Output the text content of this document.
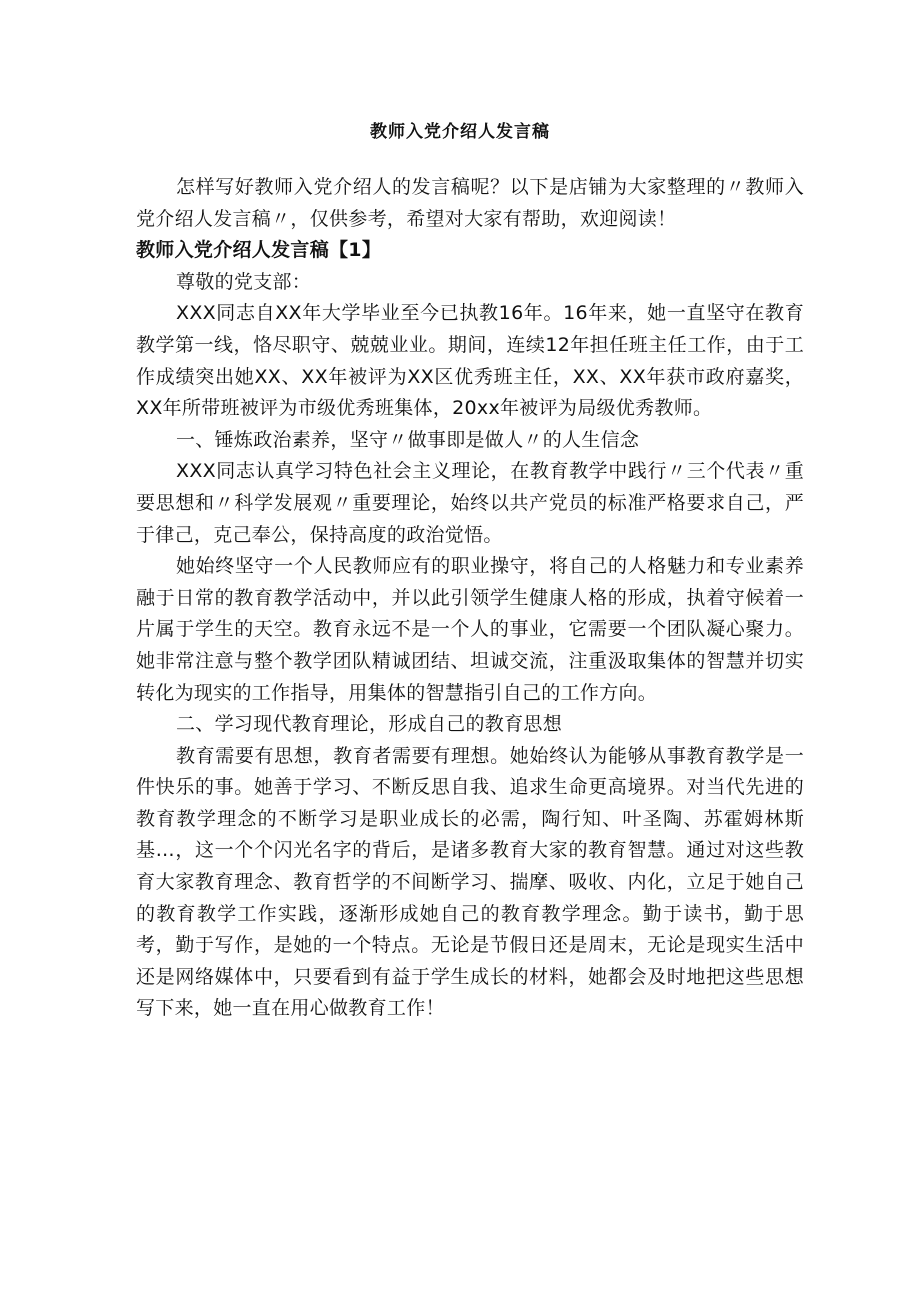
教师入党介绍人发言稿

怎样写好教师入党介绍人的发言稿呢？以下是店铺为大家整理的〃教师入党介绍人发言稿〃，仅供参考，希望对大家有帮助，欢迎阅读！

教师入党介绍人发言稿【1】

尊敬的党支部：

XXX同志自XX年大学毕业至今已执教16年。16年来，她一直坚守在教育教学第一线，恪尽职守、兢兢业业。期间，连续12年担任班主任工作，由于工作成绩突出她XX、XX年被评为XX区优秀班主任，XX、XX年获市政府嘉奖，XX年所带班被评为市级优秀班集体，20xx年被评为局级优秀教师。

一、锤炼政治素养，坚守〃做事即是做人〃的人生信念

XXX同志认真学习特色社会主义理论，在教育教学中践行〃三个代表〃重要思想和〃科学发展观〃重要理论，始终以共产党员的标准严格要求自己，严于律己，克己奉公，保持高度的政治觉悟。

她始终坚守一个人民教师应有的职业操守，将自己的人格魅力和专业素养融于日常的教育教学活动中，并以此引领学生健康人格的形成，执着守候着一片属于学生的天空。教育永远不是一个人的事业，它需要一个团队凝心聚力。她非常注意与整个教学团队精诚团结、坦诚交流，注重汲取集体的智慧并切实转化为现实的工作指导，用集体的智慧指引自己的工作方向。

二、学习现代教育理论，形成自己的教育思想

教育需要有思想，教育者需要有理想。她始终认为能够从事教育教学是一件快乐的事。她善于学习、不断反思自我、追求生命更高境界。对当代先进的教育教学理念的不断学习是职业成长的必需，陶行知、叶圣陶、苏霍姆林斯基…，这一个个闪光名字的背后，是诸多教育大家的教育智慧。通过对这些教育大家教育理念、教育哲学的不间断学习、揣摩、吸收、内化，立足于她自己的教育教学工作实践，逐渐形成她自己的教育教学理念。勤于读书，勤于思考，勤于写作，是她的一个特点。无论是节假日还是周末，无论是现实生活中还是网络媒体中，只要看到有益于学生成长的材料，她都会及时地把这些思想写下来，她一直在用心做教育工作！
